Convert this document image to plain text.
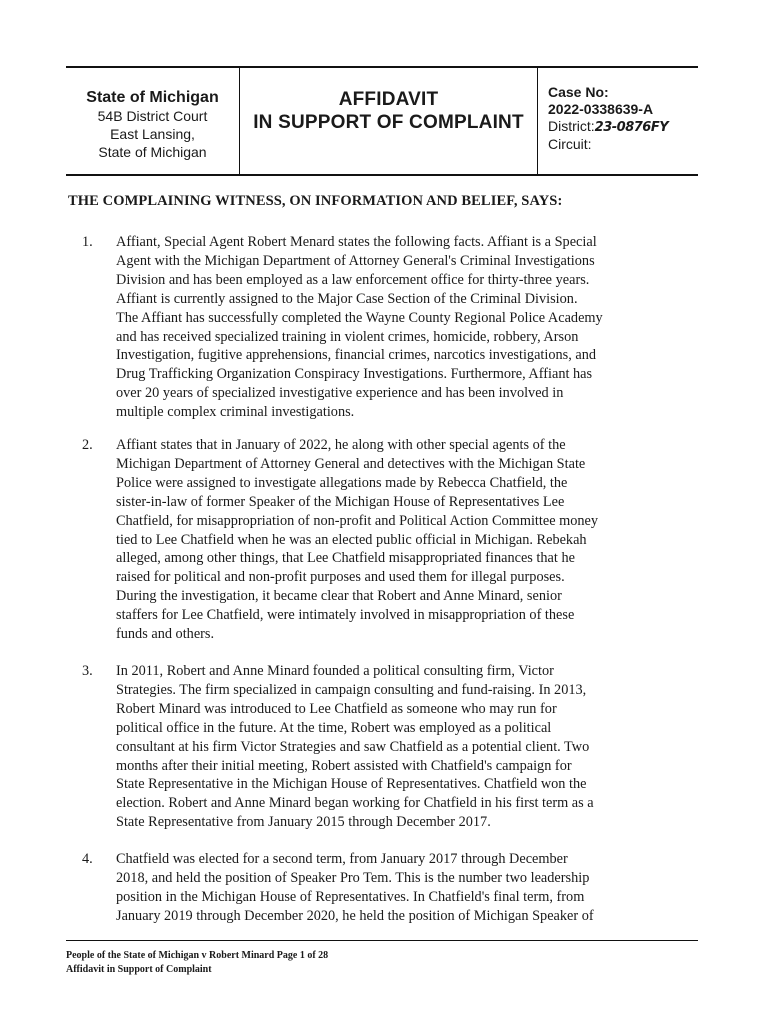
State of Michigan
54B District Court
East Lansing,
State of Michigan
AFFIDAVIT
IN SUPPORT OF COMPLAINT
Case No:
2022-0338639-A
District:23-0876FY
Circuit:
THE COMPLAINING WITNESS, ON INFORMATION AND BELIEF, SAYS:
1. Affiant, Special Agent Robert Menard states the following facts. Affiant is a Special
Agent with the Michigan Department of Attorney General's Criminal Investigations
Division and has been employed as a law enforcement office for thirty-three years.
Affiant is currently assigned to the Major Case Section of the Criminal Division.
The Affiant has successfully completed the Wayne County Regional Police Academy
and has received specialized training in violent crimes, homicide, robbery, Arson
Investigation, fugitive apprehensions, financial crimes, narcotics investigations, and
Drug Trafficking Organization Conspiracy Investigations. Furthermore, Affiant has
over 20 years of specialized investigative experience and has been involved in
multiple complex criminal investigations.
2. Affiant states that in January of 2022, he along with other special agents of the
Michigan Department of Attorney General and detectives with the Michigan State
Police were assigned to investigate allegations made by Rebecca Chatfield, the
sister-in-law of former Speaker of the Michigan House of Representatives Lee
Chatfield, for misappropriation of non-profit and Political Action Committee money
tied to Lee Chatfield when he was an elected public official in Michigan. Rebekah
alleged, among other things, that Lee Chatfield misappropriated finances that he
raised for political and non-profit purposes and used them for illegal purposes.
During the investigation, it became clear that Robert and Anne Minard, senior
staffers for Lee Chatfield, were intimately involved in misappropriation of these
funds and others.
3. In 2011, Robert and Anne Minard founded a political consulting firm, Victor
Strategies. The firm specialized in campaign consulting and fund-raising. In 2013,
Robert Minard was introduced to Lee Chatfield as someone who may run for
political office in the future. At the time, Robert was employed as a political
consultant at his firm Victor Strategies and saw Chatfield as a potential client. Two
months after their initial meeting, Robert assisted with Chatfield's campaign for
State Representative in the Michigan House of Representatives. Chatfield won the
election. Robert and Anne Minard began working for Chatfield in his first term as a
State Representative from January 2015 through December 2017.
4. Chatfield was elected for a second term, from January 2017 through December
2018, and held the position of Speaker Pro Tem. This is the number two leadership
position in the Michigan House of Representatives. In Chatfield's final term, from
January 2019 through December 2020, he held the position of Michigan Speaker of
People of the State of Michigan v Robert Minard Page 1 of 28
Affidavit in Support of Complaint
